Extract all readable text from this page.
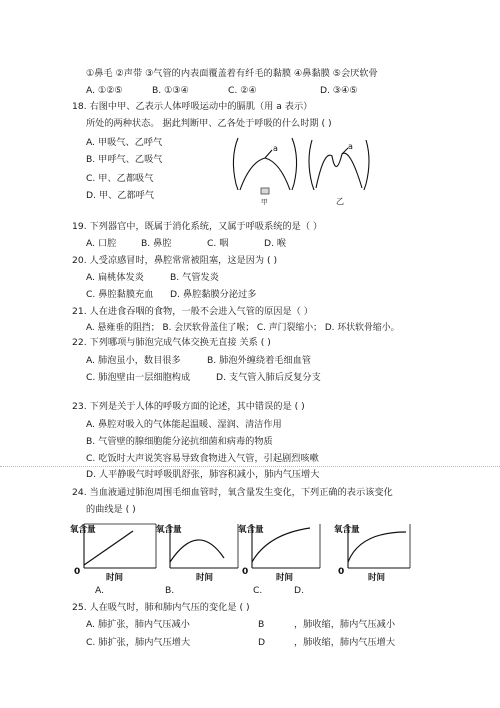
①鼻毛 ②声带 ③气管的内表面覆盖着有纤毛的黏膜 ④鼻黏膜 ⑤会厌软骨
A. ①②⑤	B. ①③④	C. ②④	D. ③④⑤
18. 右图中甲、乙表示人体呼吸运动中的膈肌（用 a 表示）
所处的两种状态。 据此判断甲、乙各处于呼吸的什么时期 ( )
A. 甲吸气、乙呼气
B. 甲呼气、乙吸气
C. 甲、乙都吸气
D. 甲、乙都呼气
a
甲
a
乙
19. 下列器官中，既属于消化系统，又属于呼吸系统的是（ ）
A. 口腔	B. 鼻腔	C. 咽	D. 喉
20. 人受凉感冒时，鼻腔常常被阻塞，这是因为 ( )
A. 扁桃体发炎	B. 气管发炎
C. 鼻腔黏膜充血 D. 鼻腔黏膜分泌过多
21. 人在进食吞咽的食物，一般不会进入气管的原因是（ ）
A. 悬雍垂的阻挡； B. 会厌软骨盖住了喉； C. 声门裂缩小； D. 环状软骨缩小。
22. 下列哪项与肺泡完成气体交换无直接 关系 ( )
A. 肺泡虽小，数目很多	B. 肺泡外缠绕着毛细血管
C. 肺泡壁由一层细胞构成	D. 支气管入肺后反复分支
23. 下列是关于人体的呼吸方面的论述，其中错误的是 ( )
A. 鼻腔对吸入的气体能起温暖、湿润、清洁作用
B. 气管壁的腺细胞能分泌抗细菌和病毒的物质
C. 吃饭时大声说笑容易导致食物进入气管，引起剧烈咳嗽
D. 人平静吸气时呼吸肌舒张，肺容积减小，肺内气压增大
24. 当血液通过肺泡周围毛细血管时，氧含量发生变化，下列正确的表示该变化
的曲线是 ( )
氧含量
0
时间
氧含量
时间
氧含量
0
时间
氧含量
0
时间
A.	B.	C.	D.
25. 人在吸气时，肺和肺内气压的变化是 ( )
A. 肺扩张，肺内气压减小	B	，肺收缩，肺内气压减小
C. 肺扩张，肺内气压增大	D	，肺收缩，肺内气压增大
